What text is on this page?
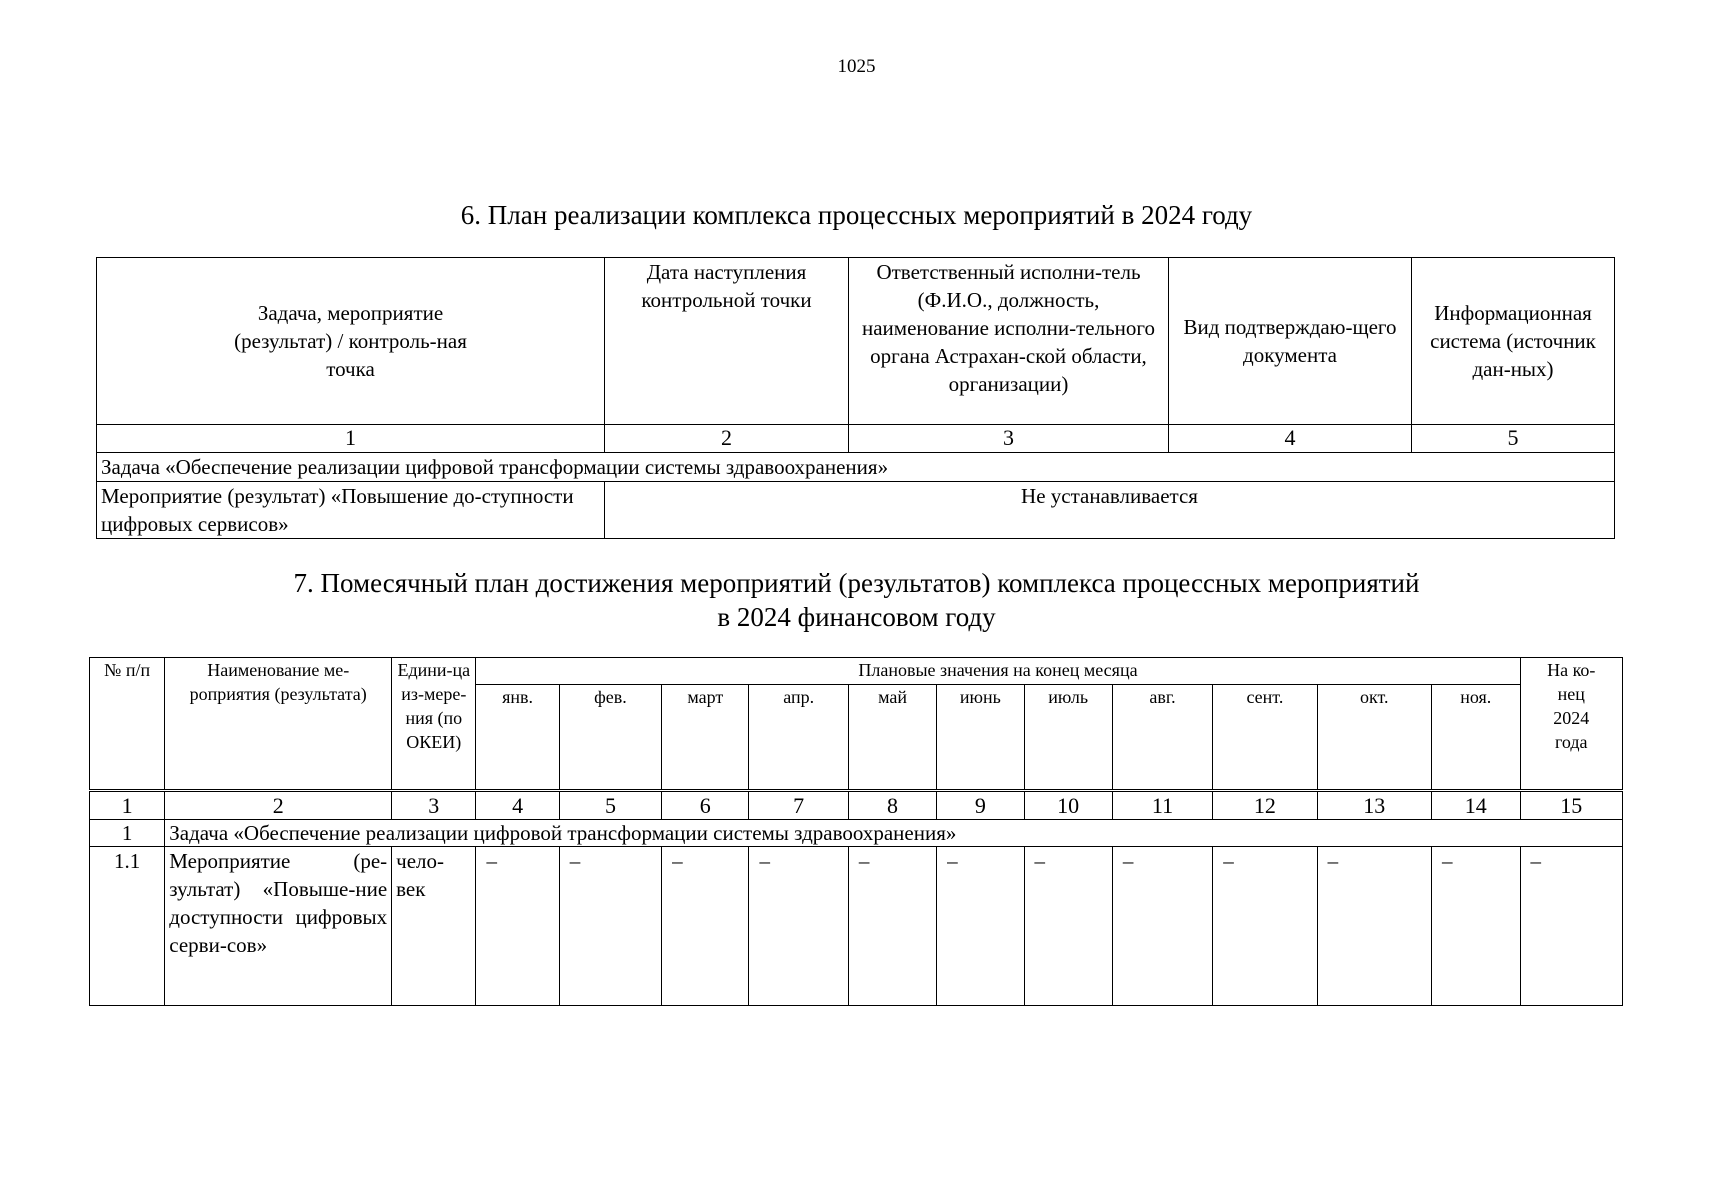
1025
6. План реализации комплекса процессных мероприятий в 2024 году
Задача, мероприятие (результат) / контроль-ная точка	Дата наступления контрольной точки	Ответственный исполни-тель (Ф.И.О., должность, наименование исполни-тельного органа Астрахан-ской области, организации)	Вид подтверждаю-щего документа	Информационная система (источник дан-ных)
1	2	3	4	5
Задача «Обеспечение реализации цифровой трансформации системы здравоохранения»				
Мероприятие (результат) «Повышение до-ступности цифровых сервисов»	Не устанавливается			
7. Помесячный план достижения мероприятий (результатов) комплекса процессных мероприятий
в 2024 финансовом году
№ п/п	Наименование ме-роприятия (результата)	Едини-ца из-мере-ния (по ОКЕИ)	Плановые значения на конец месяца											На ко-нец 2024 года
			янв.	фев.	март	апр.	май	июнь	июль	авг.	сент.	окт.	ноя.	
1	2	3	4	5	6	7	8	9	10	11	12	13	14	15
1	Задача «Обеспечение реализации цифровой трансформации системы здравоохранения»													
1.1	Мероприятие (ре-зультат) «Повыше-ние доступности цифровых серви-сов»	чело-век	–	–	–	–	–	–	–	–	–	–	–	–
